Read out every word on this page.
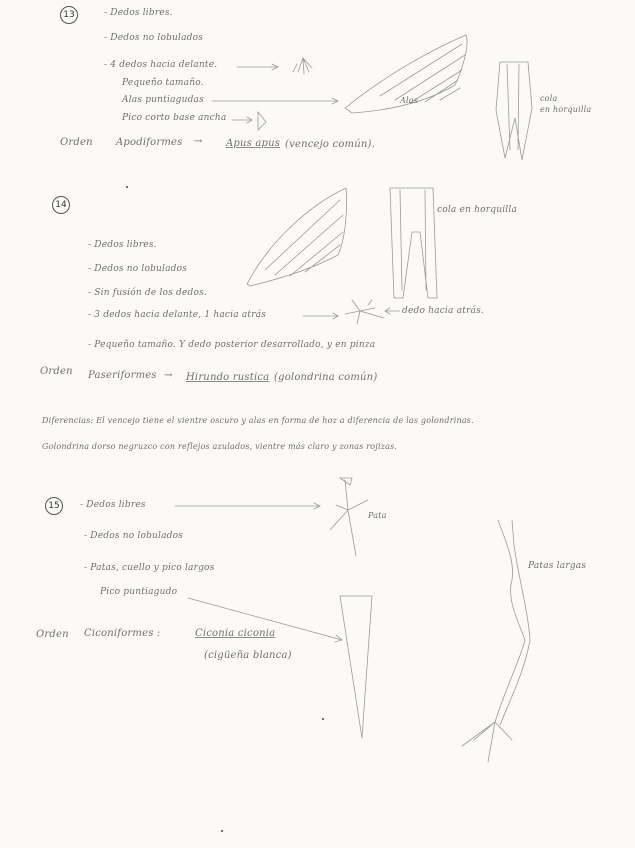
13	- Dedos libres.
- Dedos no lobulados
- 4 dedos hacia delante.
Pequeño tamaño.
Alas puntiagudas
Pico corto base ancha
Alas	cola
en horquilla
Orden Apodiformes → Apus apus (vencejo común).
14	cola en horquilla
- Dedos libres.
- Dedos no lobulados
- Sin fusión de los dedos.
- 3 dedos hacia delante, 1 hacia atrás	dedo hacia atrás.
- Pequeño tamaño. Y dedo posterior desarrollado, y en pinza
Orden Paseriformes → Hirundo rustica (golondrina común)
Diferencias: El vencejo tiene el vientre oscuro y alas en forma de hoz a diferencia de las golondrinas.
Golondrina dorso negruzco con reflejos azulados, vientre más claro y zonas rojizas.
15	- Dedos libres
Pata
- Dedos no lobulados
- Patas, cuello y pico largos	Patas largas
Pico puntiagudo
Orden Ciconiformes :	Ciconia ciconia
(cigüeña blanca)
